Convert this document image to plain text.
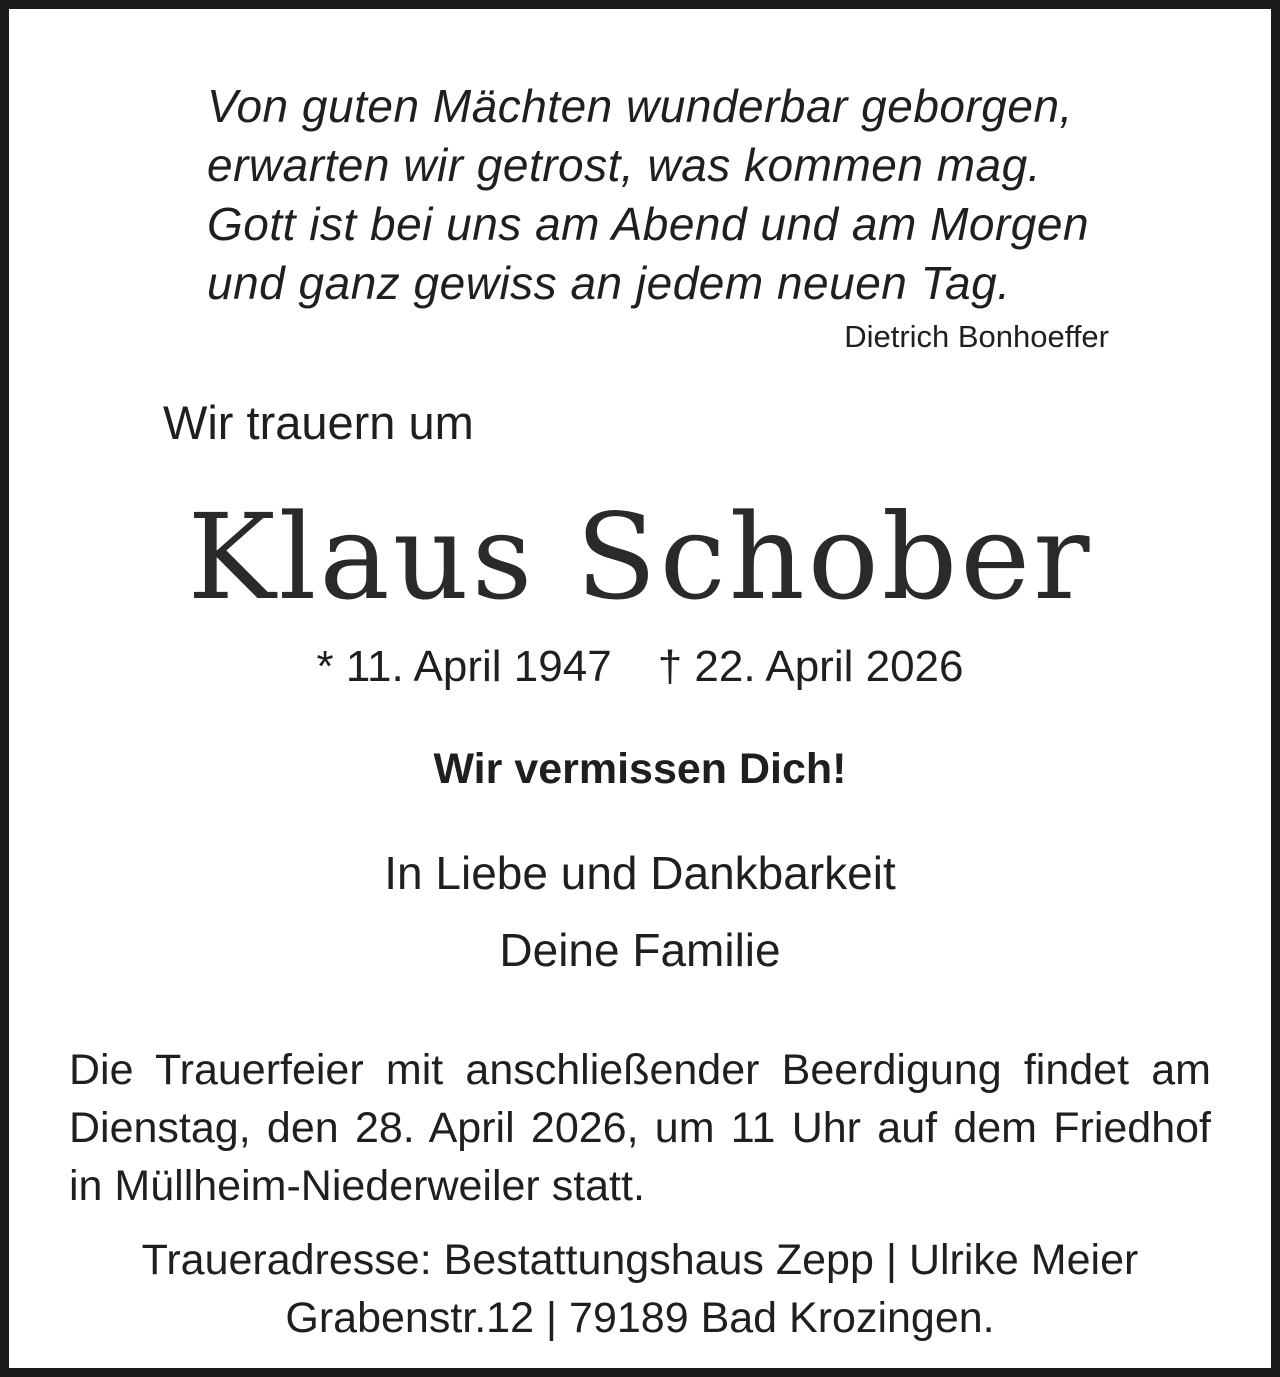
Von guten Mächten wunderbar geborgen,
erwarten wir getrost, was kommen mag.
Gott ist bei uns am Abend und am Morgen
und ganz gewiss an jedem neuen Tag.
Dietrich Bonhoeffer
Wir trauern um
Klaus Schober
* 11. April 1947 † 22. April 2026
Wir vermissen Dich!
In Liebe und Dankbarkeit
Deine Familie
Die Trauerfeier mit anschließender Beerdigung findet am Dienstag, den 28. April 2026, um 11 Uhr auf dem Friedhof in Müllheim-Niederweiler statt.
Traueradresse: Bestattungshaus Zepp | Ulrike Meier
Grabenstr.12 | 79189 Bad Krozingen.
